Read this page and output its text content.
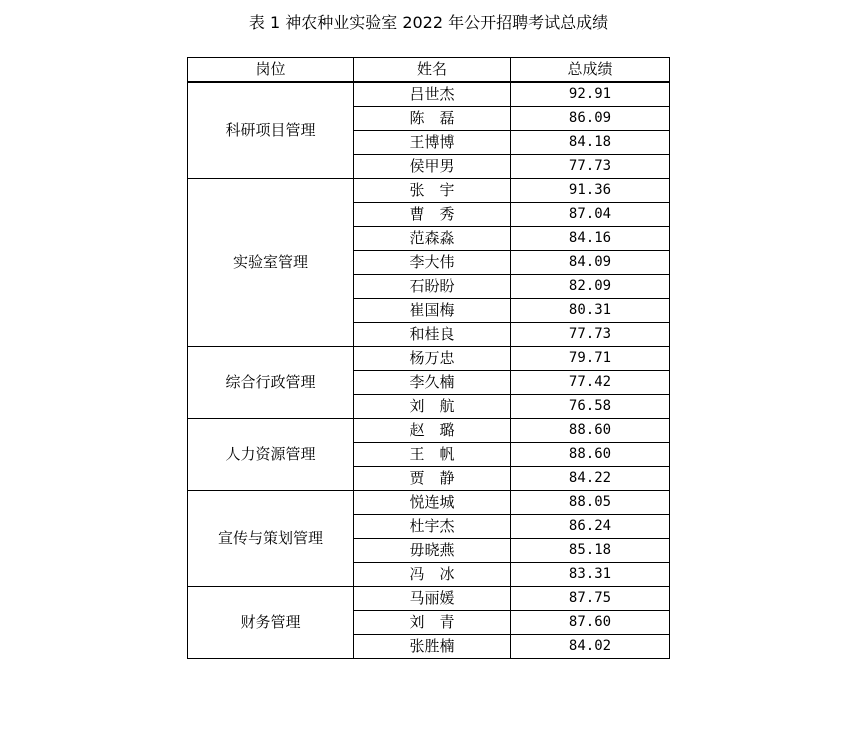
表 1 神农种业实验室 2022 年公开招聘考试总成绩
岗位	姓名	总成绩
科研项目管理	吕世杰	92.91
	陈　磊	86.09
	王博博	84.18
	侯甲男	77.73
实验室管理	张　宇	91.36
	曹　秀	87.04
	范森淼	84.16
	李大伟	84.09
	石盼盼	82.09
	崔国梅	80.31
	和桂良	77.73
综合行政管理	杨万忠	79.71
	李久楠	77.42
	刘　航	76.58
人力资源管理	赵　璐	88.60
	王　帆	88.60
	贾　静	84.22
宣传与策划管理	悦连城	88.05
	杜宇杰	86.24
	毋晓燕	85.18
	冯　冰	83.31
财务管理	马丽媛	87.75
	刘　青	87.60
	张胜楠	84.02
